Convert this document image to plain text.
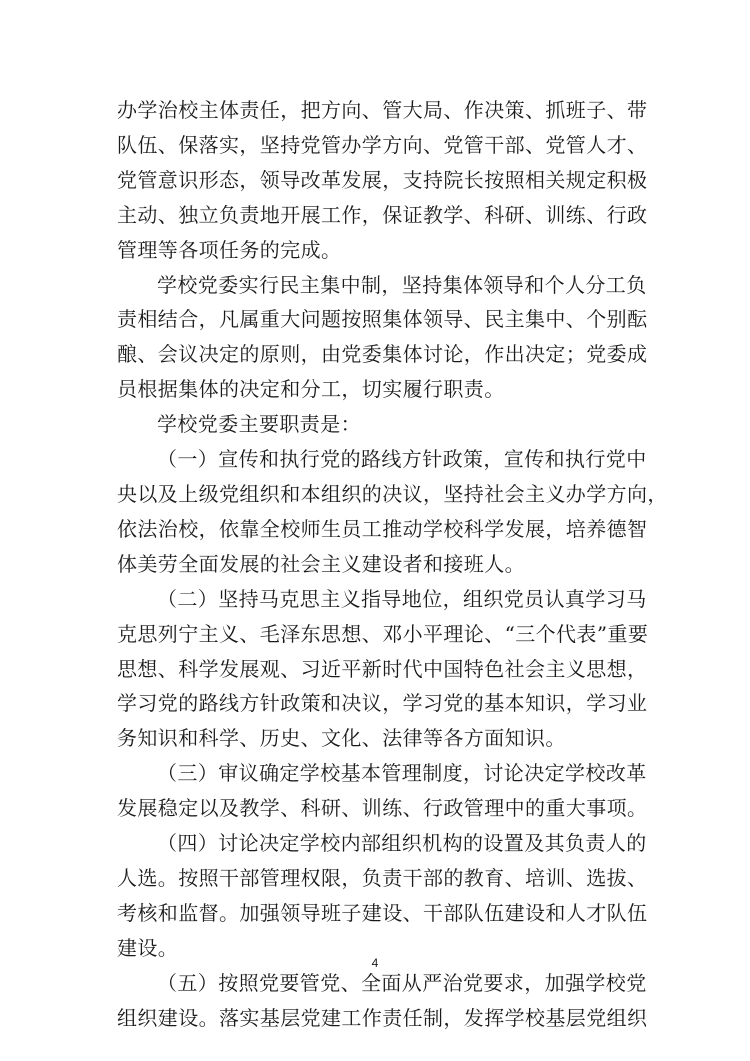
办学治校主体责任，把方向、管大局、作决策、抓班子、带
队伍、保落实，坚持党管办学方向、党管干部、党管人才、
党管意识形态，领导改革发展，支持院长按照相关规定积极
主动、独立负责地开展工作，保证教学、科研、训练、行政
管理等各项任务的完成。
学校党委实行民主集中制，坚持集体领导和个人分工负
责相结合，凡属重大问题按照集体领导、民主集中、个别酝
酿、会议决定的原则，由党委集体讨论，作出决定；党委成
员根据集体的决定和分工，切实履行职责。
学校党委主要职责是：
（一）宣传和执行党的路线方针政策，宣传和执行党中
央以及上级党组织和本组织的决议，坚持社会主义办学方向，
依法治校，依靠全校师生员工推动学校科学发展，培养德智
体美劳全面发展的社会主义建设者和接班人。
（二）坚持马克思主义指导地位，组织党员认真学习马
克思列宁主义、毛泽东思想、邓小平理论、“三个代表”重要
思想、科学发展观、习近平新时代中国特色社会主义思想，
学习党的路线方针政策和决议，学习党的基本知识，学习业
务知识和科学、历史、文化、法律等各方面知识。
（三）审议确定学校基本管理制度，讨论决定学校改革
发展稳定以及教学、科研、训练、行政管理中的重大事项。
（四）讨论决定学校内部组织机构的设置及其负责人的
人选。按照干部管理权限，负责干部的教育、培训、选拔、
考核和监督。加强领导班子建设、干部队伍建设和人才队伍
建设。
（五）按照党要管党、全面从严治党要求，加强学校党
组织建设。落实基层党建工作责任制，发挥学校基层党组织
4
